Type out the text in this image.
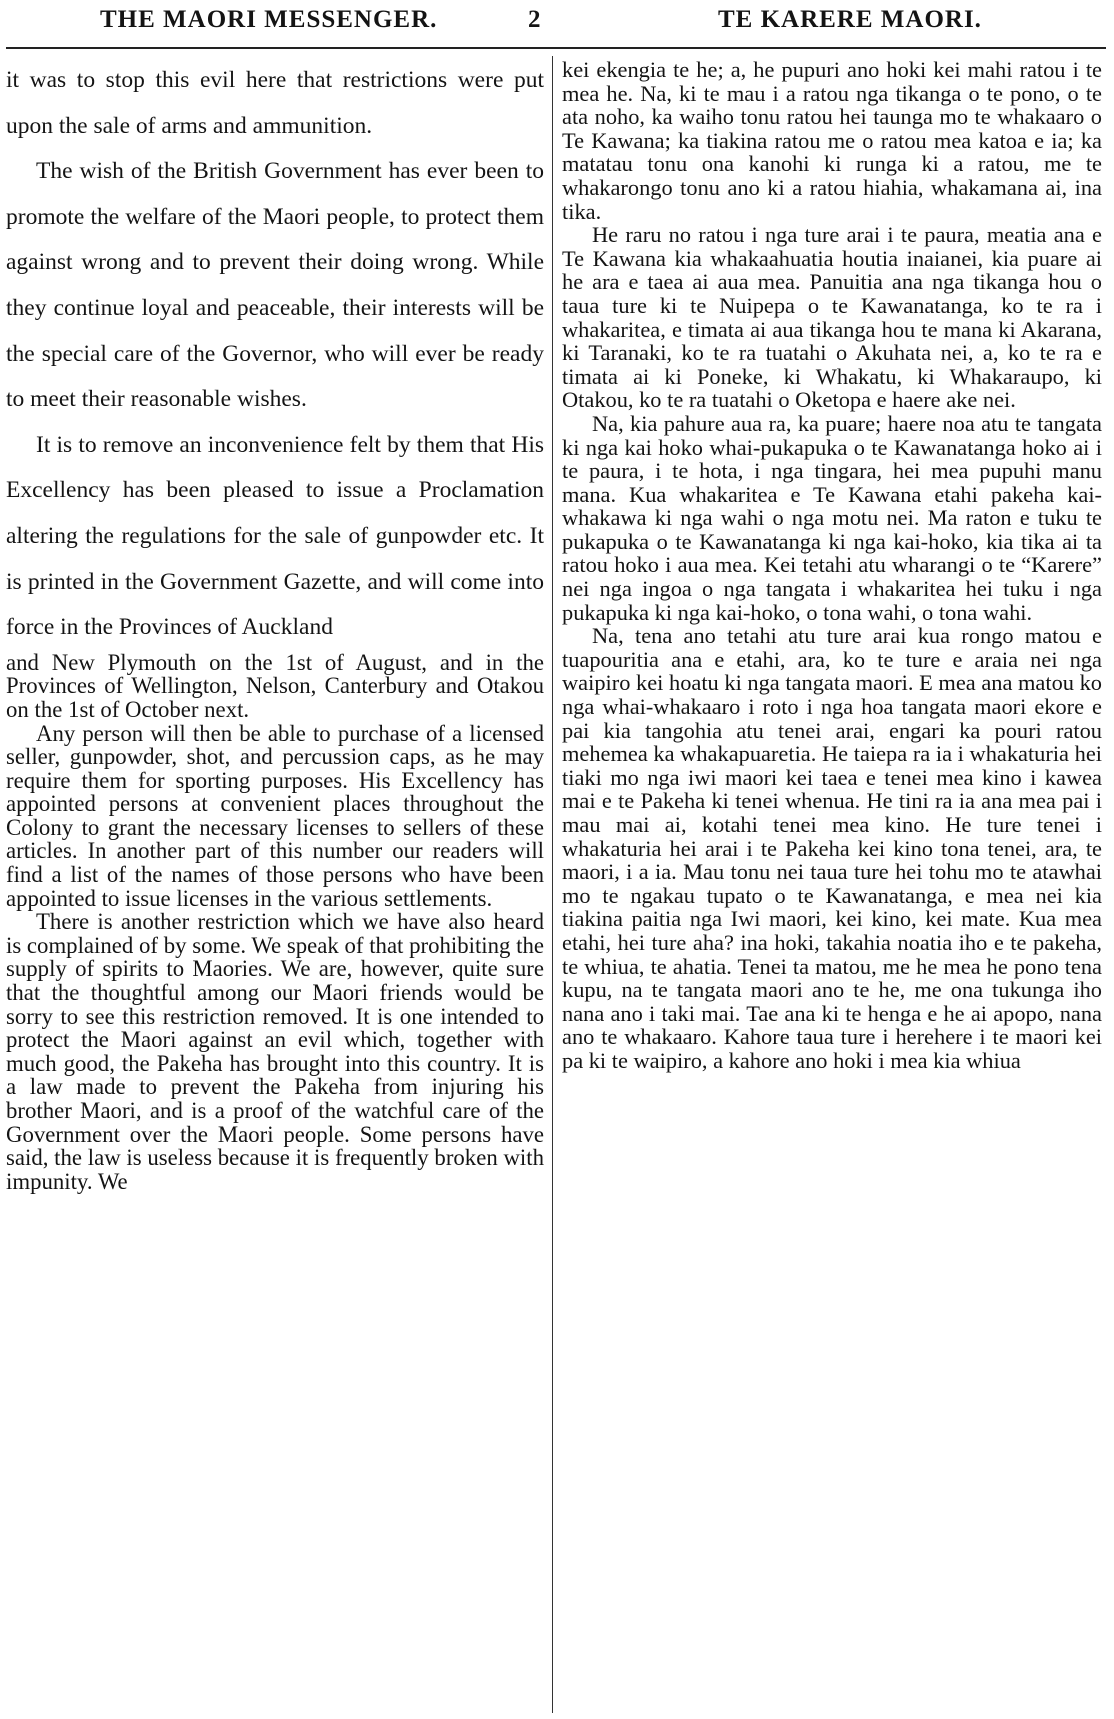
THE MAORI MESSENGER.	2	TE KARERE MAORI.

it was to stop this evil here that restrictions were put upon the sale of arms and ammunition.

The wish of the British Government has ever been to promote the welfare of the Maori people, to protect them against wrong and to prevent their doing wrong. While they continue loyal and peaceable, their interests will be the special care of the Governor, who will ever be ready to meet their reasonable wishes.

It is to remove an inconvenience felt by them that His Excellency has been pleased to issue a Proclamation altering the regulations for the sale of gunpowder etc. It is printed in the Government Gazette, and will come into force in the Provinces of Auckland

and New Plymouth on the 1st of August, and in the Provinces of Wellington, Nelson, Canterbury and Otakou on the 1st of October next.

Any person will then be able to purchase of a licensed seller, gunpowder, shot, and percussion caps, as he may require them for sporting purposes. His Excellency has appointed persons at convenient places throughout the Colony to grant the necessary licenses to sellers of these articles. In another part of this number our readers will find a list of the names of those persons who have been appointed to issue licenses in the various settlements.

There is another restriction which we have also heard is complained of by some. We speak of that prohibiting the supply of spirits to Maories. We are, however, quite sure that the thoughtful among our Maori friends would be sorry to see this restriction removed. It is one intended to protect the Maori against an evil which, together with much good, the Pakeha has brought into this country. It is a law made to prevent the Pakeha from injuring his brother Maori, and is a proof of the watchful care of the Government over the Maori people. Some persons have said, the law is useless because it is frequently broken with impunity. We

kei ekengia te he; a, he pupuri ano hoki kei mahi ratou i te mea he. Na, ki te mau i a ratou nga tikanga o te pono, o te ata noho, ka waiho tonu ratou hei taunga mo te whakaaro o Te Kawana; ka tiakina ratou me o ratou mea katoa e ia; ka matatau tonu ona kanohi ki runga ki a ratou, me te whakarongo tonu ano ki a ratou hiahia, whakamana ai, ina tika.

He raru no ratou i nga ture arai i te paura, meatia ana e Te Kawana kia whakaahuatia houtia inaianei, kia puare ai he ara e taea ai aua mea. Panuitia ana nga tikanga hou o taua ture ki te Nuipepa o te Kawanatanga, ko te ra i whakaritea, e timata ai aua tikanga hou te mana ki Akarana, ki Taranaki, ko te ra tuatahi o Akuhata nei, a, ko te ra e timata ai ki Poneke, ki Whakatu, ki Whakaraupo, ki Otakou, ko te ra tuatahi o Oketopa e haere ake nei.

Na, kia pahure aua ra, ka puare; haere noa atu te tangata ki nga kai hoko whai-pukapuka o te Kawanatanga hoko ai i te paura, i te hota, i nga tingara, hei mea pupuhi manu mana. Kua whakaritea e Te Kawana etahi pakeha kai-whakawa ki nga wahi o nga motu nei. Ma raton e tuku te pukapuka o te Kawanatanga ki nga kai-hoko, kia tika ai ta ratou hoko i aua mea. Kei tetahi atu wharangi o te “Karere” nei nga ingoa o nga tangata i whakaritea hei tuku i nga pukapuka ki nga kai-hoko, o tona wahi, o tona wahi.

Na, tena ano tetahi atu ture arai kua rongo matou e tuapouritia ana e etahi, ara, ko te ture e araia nei nga waipiro kei hoatu ki nga tangata maori. E mea ana matou ko nga whai-whakaaro i roto i nga hoa tangata maori ekore e pai kia tangohia atu tenei arai, engari ka pouri ratou mehemea ka whakapuaretia. He taiepa ra ia i whakaturia hei tiaki mo nga iwi maori kei taea e tenei mea kino i kawea mai e te Pakeha ki tenei whenua. He tini ra ia ana mea pai i mau mai ai, kotahi tenei mea kino. He ture tenei i whakaturia hei arai i te Pakeha kei kino tona tenei, ara, te maori, i a ia. Mau tonu nei taua ture hei tohu mo te atawhai mo te ngakau tupato o te Kawanatanga, e mea nei kia tiakina paitia nga Iwi maori, kei kino, kei mate. Kua mea etahi, hei ture aha? ina hoki, takahia noatia iho e te pakeha, te whiua, te ahatia. Tenei ta matou, me he mea he pono tena kupu, na te tangata maori ano te he, me ona tukunga iho nana ano i taki mai. Tae ana ki te henga e he ai apopo, nana ano te whakaaro. Kahore taua ture i herehere i te maori kei pa ki te waipiro, a kahore ano hoki i mea kia whiua
